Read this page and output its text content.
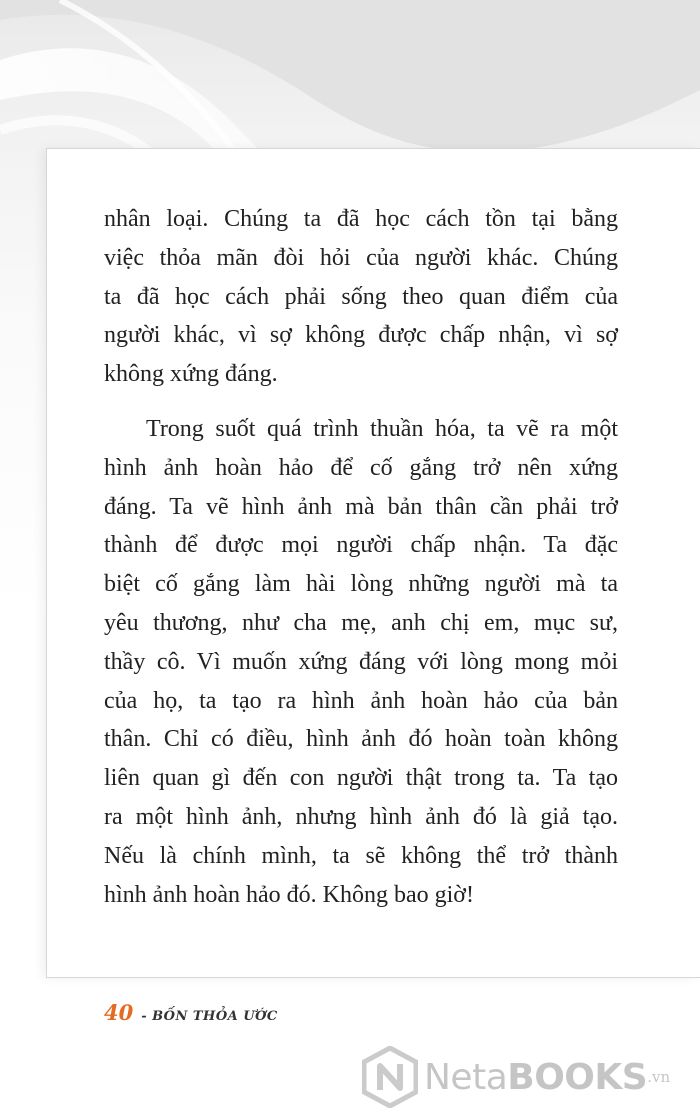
nhân loại. Chúng ta đã học cách tồn tại bằng
việc thỏa mãn đòi hỏi của người khác. Chúng
ta đã học cách phải sống theo quan điểm của
người khác, vì sợ không được chấp nhận, vì sợ
không xứng đáng.

Trong suốt quá trình thuần hóa, ta vẽ ra một
hình ảnh hoàn hảo để cố gắng trở nên xứng
đáng. Ta vẽ hình ảnh mà bản thân cần phải trở
thành để được mọi người chấp nhận. Ta đặc
biệt cố gắng làm hài lòng những người mà ta
yêu thương, như cha mẹ, anh chị em, mục sư,
thầy cô. Vì muốn xứng đáng với lòng mong mỏi
của họ, ta tạo ra hình ảnh hoàn hảo của bản
thân. Chỉ có điều, hình ảnh đó hoàn toàn không
liên quan gì đến con người thật trong ta. Ta tạo
ra một hình ảnh, nhưng hình ảnh đó là giả tạo.
Nếu là chính mình, ta sẽ không thể trở thành
hình ảnh hoàn hảo đó. Không bao giờ!

40 - BỐN THỎA ƯỚC
NetaBOOKS .vn
